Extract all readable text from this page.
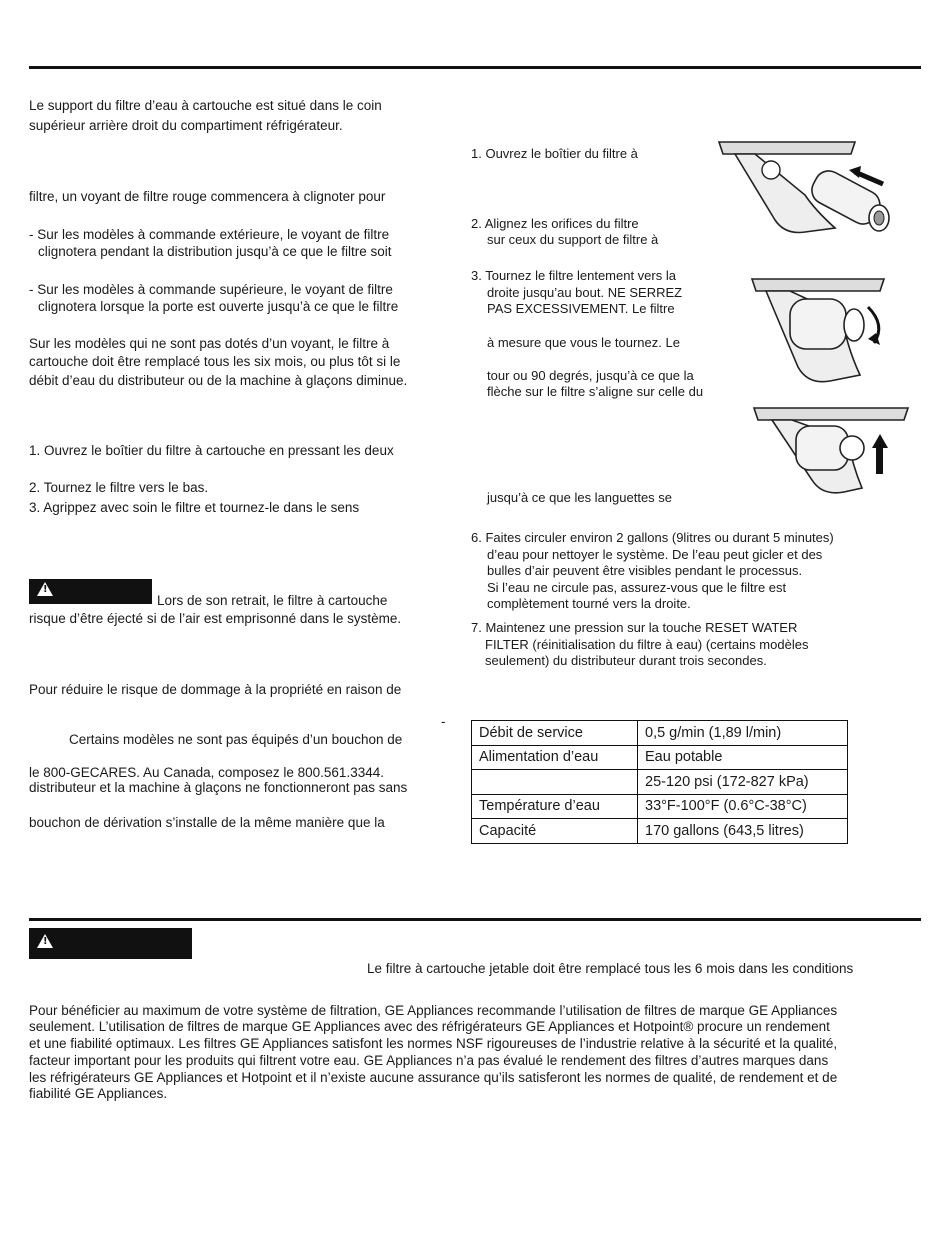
Le support du filtre d’eau à cartouche est situé dans le coin
supérieur arrière droit du compartiment réfrigérateur.
filtre, un voyant de filtre rouge commencera à clignoter pour
- Sur les modèles à commande extérieure, le voyant de filtre
clignotera pendant la distribution jusqu’à ce que le filtre soit
- Sur les modèles à commande supérieure, le voyant de filtre
clignotera lorsque la porte est ouverte jusqu’à ce que le filtre
Sur les modèles qui ne sont pas dotés d’un voyant, le filtre à
cartouche doit être remplacé tous les six mois, ou plus tôt si le
débit d’eau du distributeur ou de la machine à glaçons diminue.
1. Ouvrez le boîtier du filtre à cartouche en pressant les deux
2. Tournez le filtre vers le bas.
3. Agrippez avec soin le filtre et tournez-le dans le sens
!
Lors de son retrait, le filtre à cartouche
risque d’être éjecté si de l’air est emprisonné dans le système.
Pour réduire le risque de dommage à la propriété en raison de
-
Certains modèles ne sont pas équipés d’un bouchon de
le 800-GECARES. Au Canada, composez le 800.561.3344.
distributeur et la machine à glaçons ne fonctionneront pas sans
bouchon de dérivation s’installe de la même manière que la
1. Ouvrez le boîtier du filtre à
2. Alignez les orifices du filtre
sur ceux du support de filtre à
3. Tournez le filtre lentement vers la
droite jusqu’au bout. NE SERREZ
PAS EXCESSIVEMENT. Le filtre
à mesure que vous le tournez. Le
tour ou 90 degrés, jusqu’à ce que la
flèche sur le filtre s’aligne sur celle du
jusqu’à ce que les languettes se
6. Faites circuler environ 2 gallons (9litres ou durant 5 minutes)
d’eau pour nettoyer le système. De l’eau peut gicler et des
bulles d’air peuvent être visibles pendant le processus.
Si l’eau ne circule pas, assurez-vous que le filtre est
complètement tourné vers la droite.
7. Maintenez une pression sur la touche RESET WATER
FILTER (réinitialisation du filtre à eau) (certains modèles
seulement) du distributeur durant trois secondes.
Débit de service	0,5 g/min (1,89 l/min)
Alimentation d’eau	Eau potable
	25-120 psi (172-827 kPa)
Température d’eau	33°F-100°F (0.6°C-38°C)
Capacité	170 gallons (643,5 litres)
!
Le filtre à cartouche jetable doit être remplacé tous les 6 mois dans les conditions
Pour bénéficier au maximum de votre système de filtration, GE Appliances recommande l’utilisation de filtres de marque GE Appliances
seulement. L’utilisation de filtres de marque GE Appliances avec des réfrigérateurs GE Appliances et Hotpoint® procure un rendement
et une fiabilité optimaux. Les filtres GE Appliances satisfont les normes NSF rigoureuses de l’industrie relative à la sécurité et la qualité,
facteur important pour les produits qui filtrent votre eau. GE Appliances n’a pas évalué le rendement des filtres d’autres marques dans
les réfrigérateurs GE Appliances et Hotpoint et il n’existe aucune assurance qu’ils satisferont les normes de qualité, de rendement et de
fiabilité GE Appliances.
